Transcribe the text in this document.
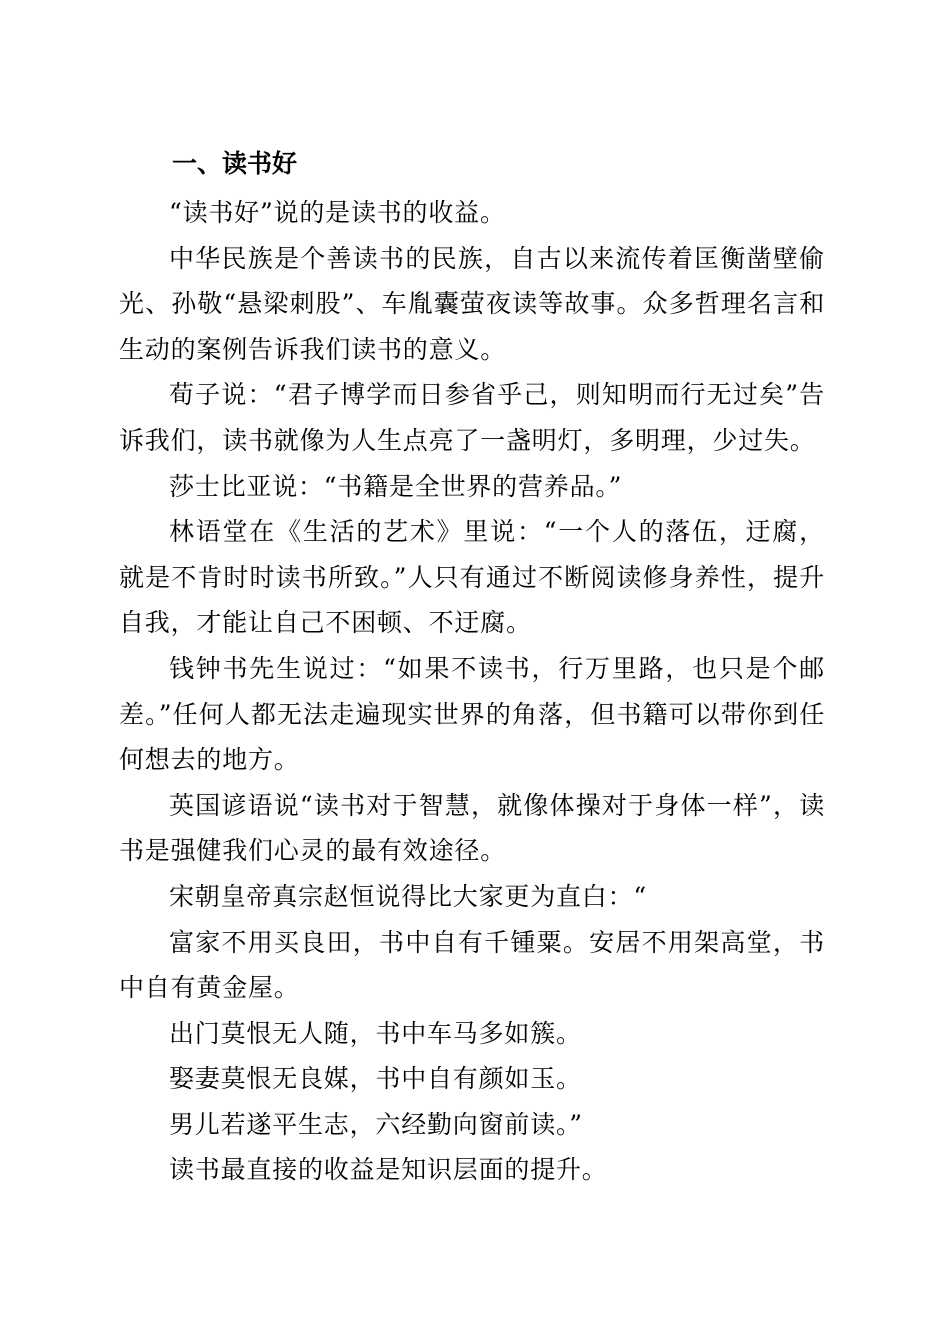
一、读书好

“读书好”说的是读书的收益。

中华民族是个善读书的民族，自古以来流传着匡衡凿壁偷光、孙敬“悬梁刺股”、车胤囊萤夜读等故事。众多哲理名言和生动的案例告诉我们读书的意义。

荀子说：“君子博学而日参省乎己，则知明而行无过矣”告诉我们，读书就像为人生点亮了一盏明灯，多明理，少过失。

莎士比亚说：“书籍是全世界的营养品。”

林语堂在《生活的艺术》里说：“一个人的落伍，迂腐，就是不肯时时读书所致。”人只有通过不断阅读修身养性，提升自我，才能让自己不困顿、不迂腐。

钱钟书先生说过：“如果不读书，行万里路，也只是个邮差。”任何人都无法走遍现实世界的角落，但书籍可以带你到任何想去的地方。

英国谚语说“读书对于智慧，就像体操对于身体一样”，读书是强健我们心灵的最有效途径。

宋朝皇帝真宗赵恒说得比大家更为直白：“

富家不用买良田，书中自有千锺粟。安居不用架高堂，书中自有黄金屋。

出门莫恨无人随，书中车马多如簇。

娶妻莫恨无良媒，书中自有颜如玉。

男儿若遂平生志，六经勤向窗前读。”

读书最直接的收益是知识层面的提升。
